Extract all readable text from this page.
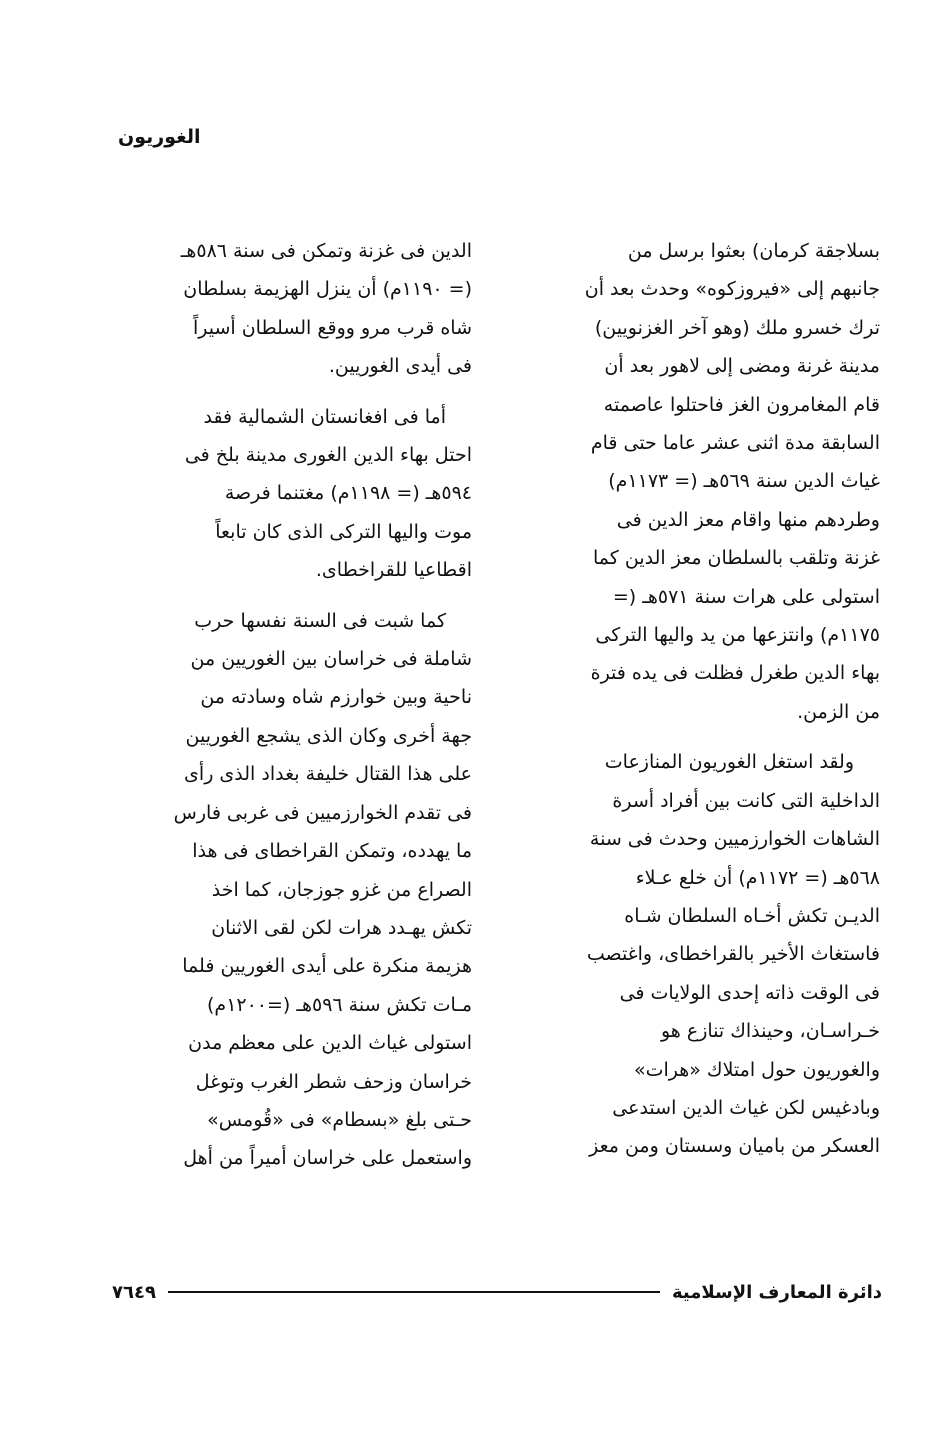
الغوريون

بسلاجقة كرمان) بعثوا برسل من
جانبهم إلى «فيروزكوه» وحدث بعد أن
ترك خسرو ملك (وهو آخر الغزنويين)
مدينة غرنة ومضى إلى لاهور بعد أن
قام المغامرون الغز فاحتلوا عاصمته
السابقة مدة اثنى عشر عاما حتى قام
غياث الدين سنة ٥٦٩هـ (= ١١٧٣م)
وطردهم منها واقام معز الدين فى
غزنة وتلقب بالسلطان معز الدين كما
استولى على هرات سنة ٥٧١هـ (=
١١٧٥م) وانتزعها من يد واليها التركى
بهاء الدين طغرل فظلت فى يده فترة
من الزمن.

ولقد استغل الغوريون المنازعات
الداخلية التى كانت بين أفراد أسرة
الشاهات الخوارزميين وحدث فى سنة
٥٦٨هـ (= ١١٧٢م) أن خلع عـلاء
الديـن تكش أخـاه السلطان شـاه
فاستغاث الأخير بالقراخطاى، واغتصب
فى الوقت ذاته إحدى الولايات فى
خـراسـان، وحينذاك تنازع هو
والغوريون حول امتلاك «هرات»
وبادغيس لكن غياث الدين استدعى
العسكر من باميان وسستان ومن معز

الدين فى غزنة وتمكن فى سنة ٥٨٦هـ
(= ١١٩٠م) أن ينزل الهزيمة بسلطان
شاه قرب مرو ووقع السلطان أسيراً
فى أيدى الغوريين.

أما فى افغانستان الشمالية فقد
احتل بهاء الدين الغورى مدينة بلخ فى
٥٩٤هـ (= ١١٩٨م) مغتنما فرصة
موت واليها التركى الذى كان تابعاً
اقطاعيا للقراخطاى.

كما شبت فى السنة نفسها حرب
شاملة فى خراسان بين الغوريين من
ناحية وبين خوارزم شاه وسادته من
جهة أخرى وكان الذى يشجع الغوريين
على هذا القتال خليفة بغداد الذى رأى
فى تقدم الخوارزميين فى غربى فارس
ما يهدده، وتمكن القراخطاى فى هذا
الصراع من غزو جوزجان، كما اخذ
تكش يهـدد هرات لكن لقى الاثنان
هزيمة منكرة على أيدى الغوريين فلما
مـات تكش سنة ٥٩٦هـ (=١٢٠٠م)
استولى غياث الدين على معظم مدن
خراسان وزحف شطر الغرب وتوغل
حـتى بلغ «بسطام» فى «قُومس»
واستعمل على خراسان أميراً من أهل

دائرة المعارف الإسلامية
٧٦٤٩
